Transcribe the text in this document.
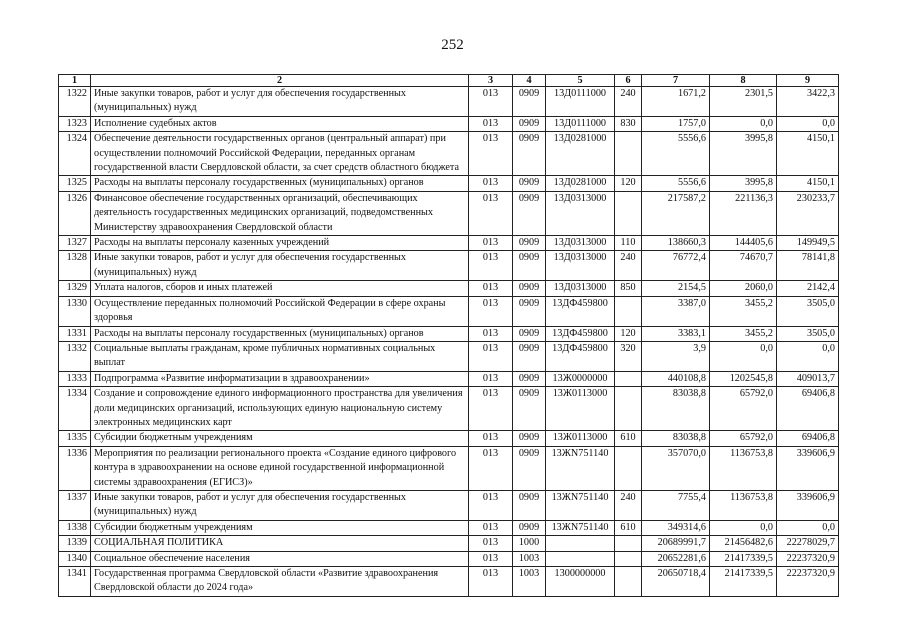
252
1	2	3	4	5	6	7	8	9
1322	Иные закупки товаров, работ и услуг для обеспечения государственных (муниципальных) нужд	013	0909	13Д0111000	240	1671,2	2301,5	3422,3
1323	Исполнение судебных актов	013	0909	13Д0111000	830	1757,0	0,0	0,0
1324	Обеспечение деятельности государственных органов (центральный аппарат) при осуществлении полномочий Российской Федерации, переданных органам государственной власти Свердловской области, за счет средств областного бюджета	013	0909	13Д0281000		5556,6	3995,8	4150,1
1325	Расходы на выплаты персоналу государственных (муниципальных) органов	013	0909	13Д0281000	120	5556,6	3995,8	4150,1
1326	Финансовое обеспечение государственных организаций, обеспечивающих деятельность государственных медицинских организаций, подведомственных Министерству здравоохранения Свердловской области	013	0909	13Д0313000		217587,2	221136,3	230233,7
1327	Расходы на выплаты персоналу казенных учреждений	013	0909	13Д0313000	110	138660,3	144405,6	149949,5
1328	Иные закупки товаров, работ и услуг для обеспечения государственных (муниципальных) нужд	013	0909	13Д0313000	240	76772,4	74670,7	78141,8
1329	Уплата налогов, сборов и иных платежей	013	0909	13Д0313000	850	2154,5	2060,0	2142,4
1330	Осуществление переданных полномочий Российской Федерации в сфере охраны здоровья	013	0909	13ДФ459800		3387,0	3455,2	3505,0
1331	Расходы на выплаты персоналу государственных (муниципальных) органов	013	0909	13ДФ459800	120	3383,1	3455,2	3505,0
1332	Социальные выплаты гражданам, кроме публичных нормативных социальных выплат	013	0909	13ДФ459800	320	3,9	0,0	0,0
1333	Подпрограмма «Развитие информатизации в здравоохранении»	013	0909	13Ж0000000		440108,8	1202545,8	409013,7
1334	Создание и сопровождение единого информационного пространства для увеличения доли медицинских организаций, использующих единую национальную систему электронных медицинских карт	013	0909	13Ж0113000		83038,8	65792,0	69406,8
1335	Субсидии бюджетным учреждениям	013	0909	13Ж0113000	610	83038,8	65792,0	69406,8
1336	Мероприятия по реализации регионального проекта «Создание единого цифрового контура в здравоохранении на основе единой государственной информационной системы здравоохранения (ЕГИСЗ)»	013	0909	13ЖN751140		357070,0	1136753,8	339606,9
1337	Иные закупки товаров, работ и услуг для обеспечения государственных (муниципальных) нужд	013	0909	13ЖN751140	240	7755,4	1136753,8	339606,9
1338	Субсидии бюджетным учреждениям	013	0909	13ЖN751140	610	349314,6	0,0	0,0
1339	СОЦИАЛЬНАЯ ПОЛИТИКА	013	1000			20689991,7	21456482,6	22278029,7
1340	Социальное обеспечение населения	013	1003			20652281,6	21417339,5	22237320,9
1341	Государственная программа Свердловской области «Развитие здравоохранения Свердловской области до 2024 года»	013	1003	1300000000		20650718,4	21417339,5	22237320,9
